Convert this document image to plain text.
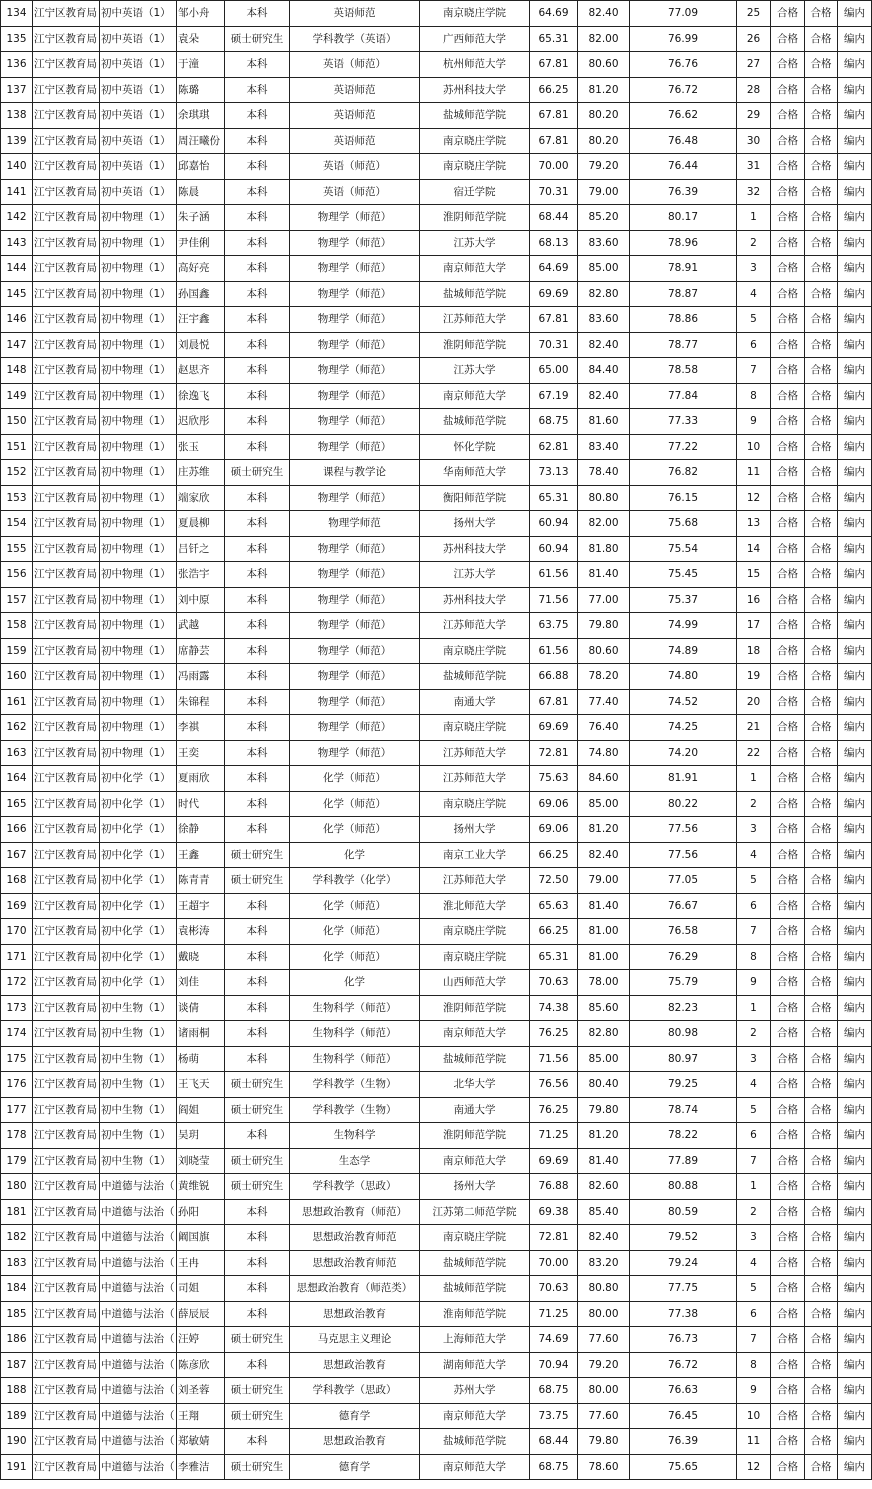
134	江宁区教育局	初中英语（1）	邹小舟	本科	英语师范	南京晓庄学院	64.69	82.40	77.09	25	合格	合格	编内
135	江宁区教育局	初中英语（1）	袁朵	硕士研究生	学科教学（英语）	广西师范大学	65.31	82.00	76.99	26	合格	合格	编内
136	江宁区教育局	初中英语（1）	于潼	本科	英语（师范）	杭州师范大学	67.81	80.60	76.76	27	合格	合格	编内
137	江宁区教育局	初中英语（1）	陈璐	本科	英语师范	苏州科技大学	66.25	81.20	76.72	28	合格	合格	编内
138	江宁区教育局	初中英语（1）	余琪琪	本科	英语师范	盐城师范学院	67.81	80.20	76.62	29	合格	合格	编内
139	江宁区教育局	初中英语（1）	周汪曦份	本科	英语师范	南京晓庄学院	67.81	80.20	76.48	30	合格	合格	编内
140	江宁区教育局	初中英语（1）	邱嘉怡	本科	英语（师范）	南京晓庄学院	70.00	79.20	76.44	31	合格	合格	编内
141	江宁区教育局	初中英语（1）	陈晨	本科	英语（师范）	宿迁学院	70.31	79.00	76.39	32	合格	合格	编内
142	江宁区教育局	初中物理（1）	朱子涵	本科	物理学（师范）	淮阴师范学院	68.44	85.20	80.17	1	合格	合格	编内
143	江宁区教育局	初中物理（1）	尹佳俐	本科	物理学（师范）	江苏大学	68.13	83.60	78.96	2	合格	合格	编内
144	江宁区教育局	初中物理（1）	高好亮	本科	物理学（师范）	南京师范大学	64.69	85.00	78.91	3	合格	合格	编内
145	江宁区教育局	初中物理（1）	孙国鑫	本科	物理学（师范）	盐城师范学院	69.69	82.80	78.87	4	合格	合格	编内
146	江宁区教育局	初中物理（1）	汪宇鑫	本科	物理学（师范）	江苏师范大学	67.81	83.60	78.86	5	合格	合格	编内
147	江宁区教育局	初中物理（1）	刘晨悦	本科	物理学（师范）	淮阴师范学院	70.31	82.40	78.77	6	合格	合格	编内
148	江宁区教育局	初中物理（1）	赵思齐	本科	物理学（师范）	江苏大学	65.00	84.40	78.58	7	合格	合格	编内
149	江宁区教育局	初中物理（1）	徐逸飞	本科	物理学（师范）	南京师范大学	67.19	82.40	77.84	8	合格	合格	编内
150	江宁区教育局	初中物理（1）	迟欣彤	本科	物理学（师范）	盐城师范学院	68.75	81.60	77.33	9	合格	合格	编内
151	江宁区教育局	初中物理（1）	张玉	本科	物理学（师范）	怀化学院	62.81	83.40	77.22	10	合格	合格	编内
152	江宁区教育局	初中物理（1）	庄苏维	硕士研究生	课程与教学论	华南师范大学	73.13	78.40	76.82	11	合格	合格	编内
153	江宁区教育局	初中物理（1）	端家欣	本科	物理学（师范）	衡阳师范学院	65.31	80.80	76.15	12	合格	合格	编内
154	江宁区教育局	初中物理（1）	夏晨柳	本科	物理学师范	扬州大学	60.94	82.00	75.68	13	合格	合格	编内
155	江宁区教育局	初中物理（1）	吕钎之	本科	物理学（师范）	苏州科技大学	60.94	81.80	75.54	14	合格	合格	编内
156	江宁区教育局	初中物理（1）	张浩宇	本科	物理学（师范）	江苏大学	61.56	81.40	75.45	15	合格	合格	编内
157	江宁区教育局	初中物理（1）	刘中原	本科	物理学（师范）	苏州科技大学	71.56	77.00	75.37	16	合格	合格	编内
158	江宁区教育局	初中物理（1）	武越	本科	物理学（师范）	江苏师范大学	63.75	79.80	74.99	17	合格	合格	编内
159	江宁区教育局	初中物理（1）	席静芸	本科	物理学（师范）	南京晓庄学院	61.56	80.60	74.89	18	合格	合格	编内
160	江宁区教育局	初中物理（1）	冯雨露	本科	物理学（师范）	盐城师范学院	66.88	78.20	74.80	19	合格	合格	编内
161	江宁区教育局	初中物理（1）	朱锦程	本科	物理学（师范）	南通大学	67.81	77.40	74.52	20	合格	合格	编内
162	江宁区教育局	初中物理（1）	李祺	本科	物理学（师范）	南京晓庄学院	69.69	76.40	74.25	21	合格	合格	编内
163	江宁区教育局	初中物理（1）	王奕	本科	物理学（师范）	江苏师范大学	72.81	74.80	74.20	22	合格	合格	编内
164	江宁区教育局	初中化学（1）	夏雨欣	本科	化学（师范）	江苏师范大学	75.63	84.60	81.91	1	合格	合格	编内
165	江宁区教育局	初中化学（1）	时代	本科	化学（师范）	南京晓庄学院	69.06	85.00	80.22	2	合格	合格	编内
166	江宁区教育局	初中化学（1）	徐静	本科	化学（师范）	扬州大学	69.06	81.20	77.56	3	合格	合格	编内
167	江宁区教育局	初中化学（1）	王鑫	硕士研究生	化学	南京工业大学	66.25	82.40	77.56	4	合格	合格	编内
168	江宁区教育局	初中化学（1）	陈青青	硕士研究生	学科教学（化学）	江苏师范大学	72.50	79.00	77.05	5	合格	合格	编内
169	江宁区教育局	初中化学（1）	王超宇	本科	化学（师范）	淮北师范大学	65.63	81.40	76.67	6	合格	合格	编内
170	江宁区教育局	初中化学（1）	袁彬涛	本科	化学（师范）	南京晓庄学院	66.25	81.00	76.58	7	合格	合格	编内
171	江宁区教育局	初中化学（1）	戴晓	本科	化学（师范）	南京晓庄学院	65.31	81.00	76.29	8	合格	合格	编内
172	江宁区教育局	初中化学（1）	刘佳	本科	化学	山西师范大学	70.63	78.00	75.79	9	合格	合格	编内
173	江宁区教育局	初中生物（1）	谈倩	本科	生物科学（师范）	淮阴师范学院	74.38	85.60	82.23	1	合格	合格	编内
174	江宁区教育局	初中生物（1）	诸雨桐	本科	生物科学（师范）	南京师范大学	76.25	82.80	80.98	2	合格	合格	编内
175	江宁区教育局	初中生物（1）	杨萌	本科	生物科学（师范）	盐城师范学院	71.56	85.00	80.97	3	合格	合格	编内
176	江宁区教育局	初中生物（1）	王飞天	硕士研究生	学科教学（生物）	北华大学	76.56	80.40	79.25	4	合格	合格	编内
177	江宁区教育局	初中生物（1）	阎姐	硕士研究生	学科教学（生物）	南通大学	76.25	79.80	78.74	5	合格	合格	编内
178	江宁区教育局	初中生物（1）	吴玥	本科	生物科学	淮阴师范学院	71.25	81.20	78.22	6	合格	合格	编内
179	江宁区教育局	初中生物（1）	刘晓莹	硕士研究生	生态学	南京师范大学	69.69	81.40	77.89	7	合格	合格	编内
180	江宁区教育局	中道德与法治（	黄维锐	硕士研究生	学科教学（思政）	扬州大学	76.88	82.60	80.88	1	合格	合格	编内
181	江宁区教育局	中道德与法治（	孙阳	本科	思想政治教育（师范）	江苏第二师范学院	69.38	85.40	80.59	2	合格	合格	编内
182	江宁区教育局	中道德与法治（	阚国旗	本科	思想政治教育师范	南京晓庄学院	72.81	82.40	79.52	3	合格	合格	编内
183	江宁区教育局	中道德与法治（	王冉	本科	思想政治教育师范	盐城师范学院	70.00	83.20	79.24	4	合格	合格	编内
184	江宁区教育局	中道德与法治（	司姐	本科	思想政治教育（师范类）	盐城师范学院	70.63	80.80	77.75	5	合格	合格	编内
185	江宁区教育局	中道德与法治（	薛辰辰	本科	思想政治教育	淮南师范学院	71.25	80.00	77.38	6	合格	合格	编内
186	江宁区教育局	中道德与法治（	汪婷	硕士研究生	马克思主义理论	上海师范大学	74.69	77.60	76.73	7	合格	合格	编内
187	江宁区教育局	中道德与法治（	陈彦欣	本科	思想政治教育	湖南师范大学	70.94	79.20	76.72	8	合格	合格	编内
188	江宁区教育局	中道德与法治（	刘圣蓉	硕士研究生	学科教学（思政）	苏州大学	68.75	80.00	76.63	9	合格	合格	编内
189	江宁区教育局	中道德与法治（	王翔	硕士研究生	德育学	南京师范大学	73.75	77.60	76.45	10	合格	合格	编内
190	江宁区教育局	中道德与法治（	郑敏婧	本科	思想政治教育	盐城师范学院	68.44	79.80	76.39	11	合格	合格	编内
191	江宁区教育局	中道德与法治（	李雅洁	硕士研究生	德育学	南京师范大学	68.75	78.60	75.65	12	合格	合格	编内
